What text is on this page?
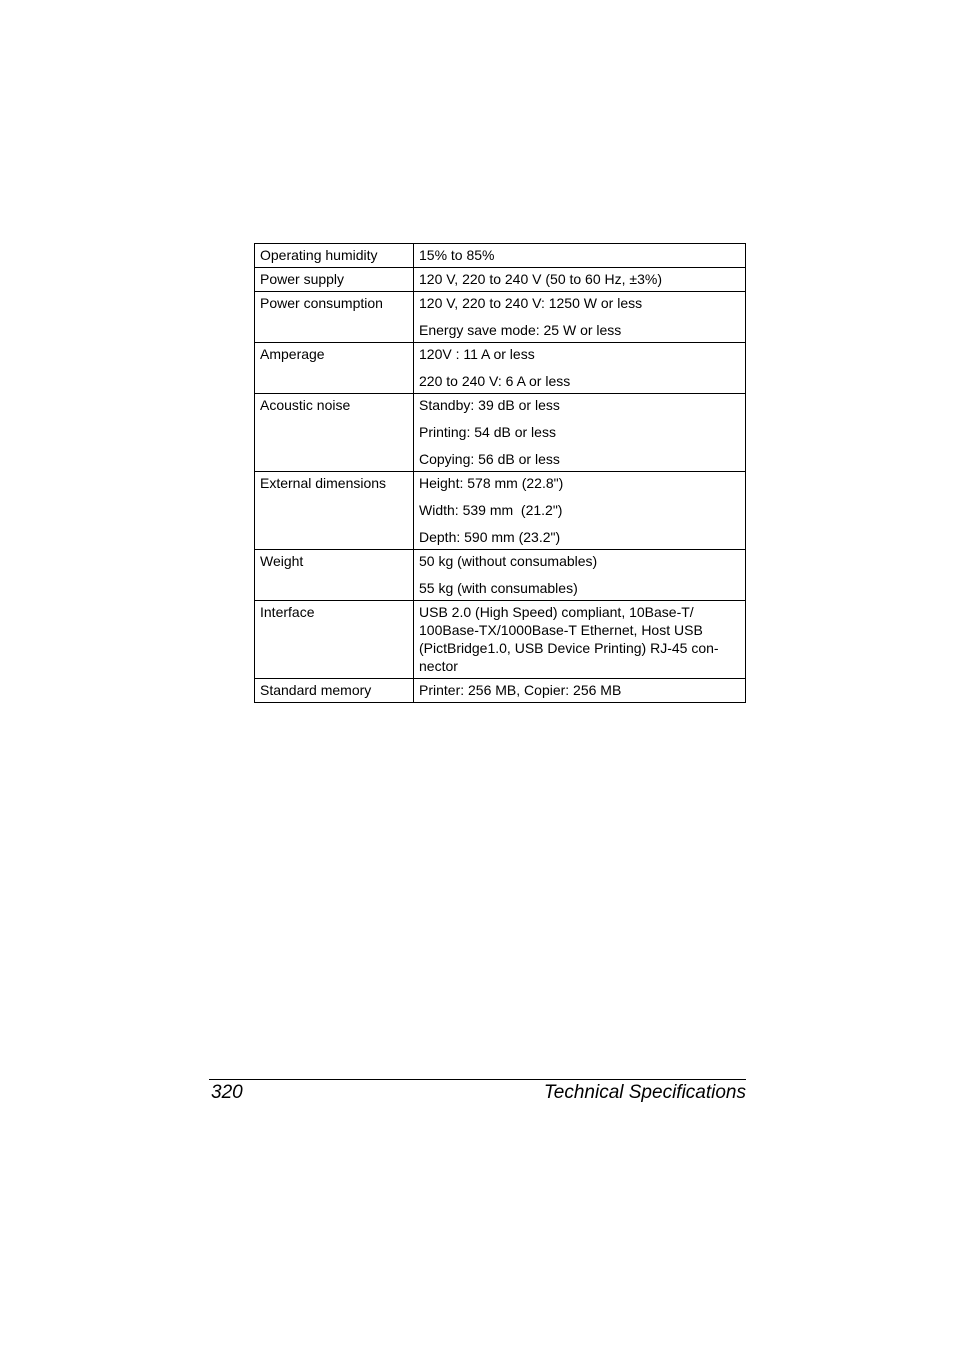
Operating humidity	15% to 85%

Power supply	120 V, 220 to 240 V (50 to 60 Hz, ±3%)

Power consumption	120 V, 220 to 240 V: 1250 W or less
Energy save mode: 25 W or less

Amperage	120V : 11 A or less
220 to 240 V: 6 A or less

Acoustic noise	Standby: 39 dB or less
Printing: 54 dB or less
Copying: 56 dB or less

External dimensions	Height: 578 mm (22.8")
Width: 539 mm  (21.2")
Depth: 590 mm (23.2")

Weight	50 kg (without consumables)
55 kg (with consumables)

Interface	USB 2.0 (High Speed) compliant, 10Base-T/ 100Base-TX/1000Base-T Ethernet, Host USB (PictBridge1.0, USB Device Printing) RJ-45 con-nector

Standard memory	Printer: 256 MB, Copier: 256 MB
320	Technical Specifications
